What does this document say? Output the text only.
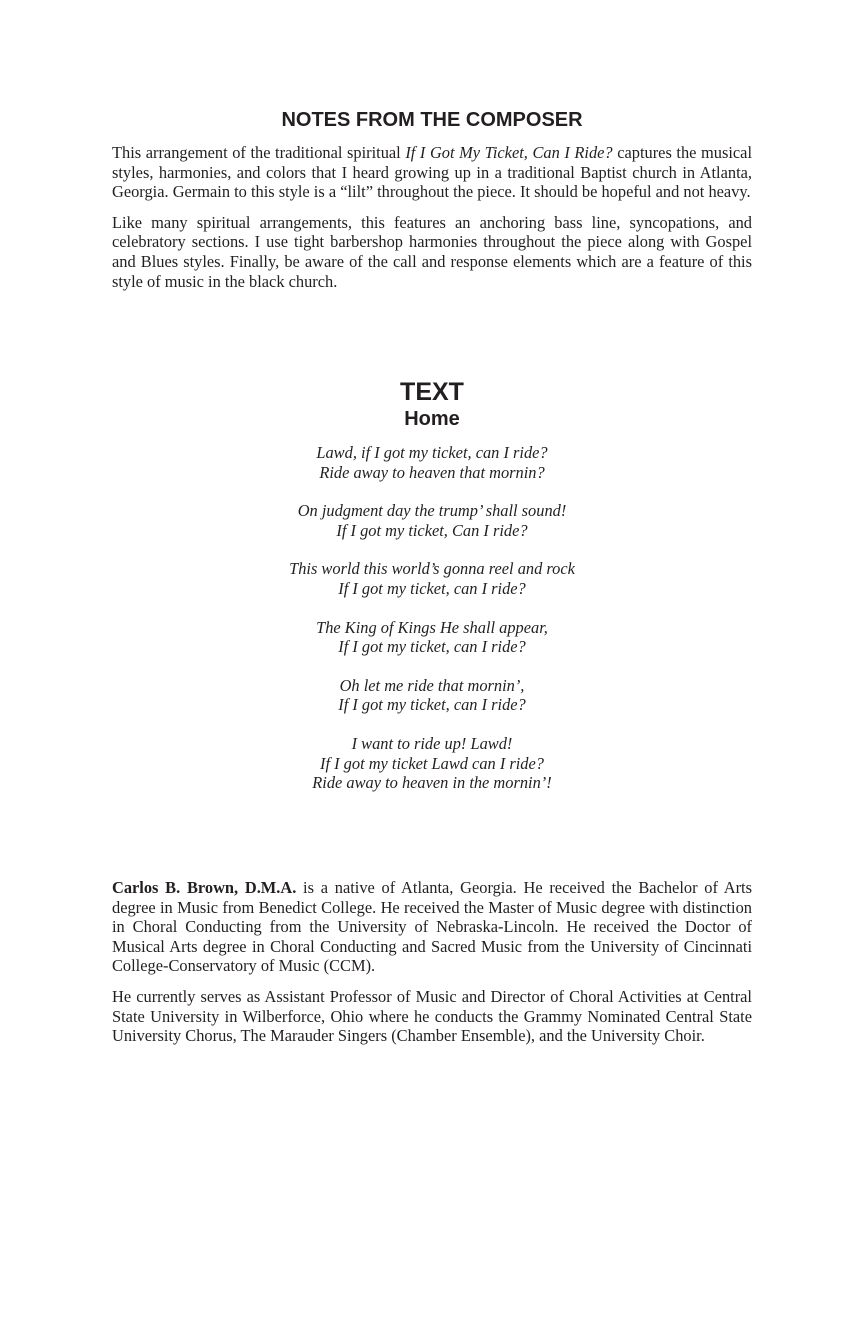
NOTES FROM THE COMPOSER

This arrangement of the traditional spiritual If I Got My Ticket, Can I Ride? captures the musical styles, harmonies, and colors that I heard growing up in a traditional Baptist church in Atlanta, Georgia. Germain to this style is a “lilt” throughout the piece. It should be hopeful and not heavy.

Like many spiritual arrangements, this features an anchoring bass line, syncopations, and celebratory sections. I use tight barbershop harmonies throughout the piece along with Gospel and Blues styles. Finally, be aware of the call and response elements which are a feature of this style of music in the black church.

TEXT
Home
Lawd, if I got my ticket, can I ride?
Ride away to heaven that mornin?
On judgment day the trump’ shall sound!
If I got my ticket, Can I ride?
This world this world’s gonna reel and rock
If I got my ticket, can I ride?
The King of Kings He shall appear,
If I got my ticket, can I ride?
Oh let me ride that mornin’,
If I got my ticket, can I ride?
I want to ride up! Lawd!
If I got my ticket Lawd can I ride?
Ride away to heaven in the mornin’!

Carlos B. Brown, D.M.A. is a native of Atlanta, Georgia. He received the Bachelor of Arts degree in Music from Benedict College. He received the Master of Music degree with distinction in Choral Conducting from the University of Nebraska-Lincoln. He received the Doctor of Musical Arts degree in Choral Conducting and Sacred Music from the University of Cincinnati College-Conservatory of Music (CCM).

He currently serves as Assistant Professor of Music and Director of Choral Activities at Central State University in Wilberforce, Ohio where he conducts the Grammy Nominated Central State University Chorus, The Marauder Singers (Chamber Ensemble), and the University Choir.
